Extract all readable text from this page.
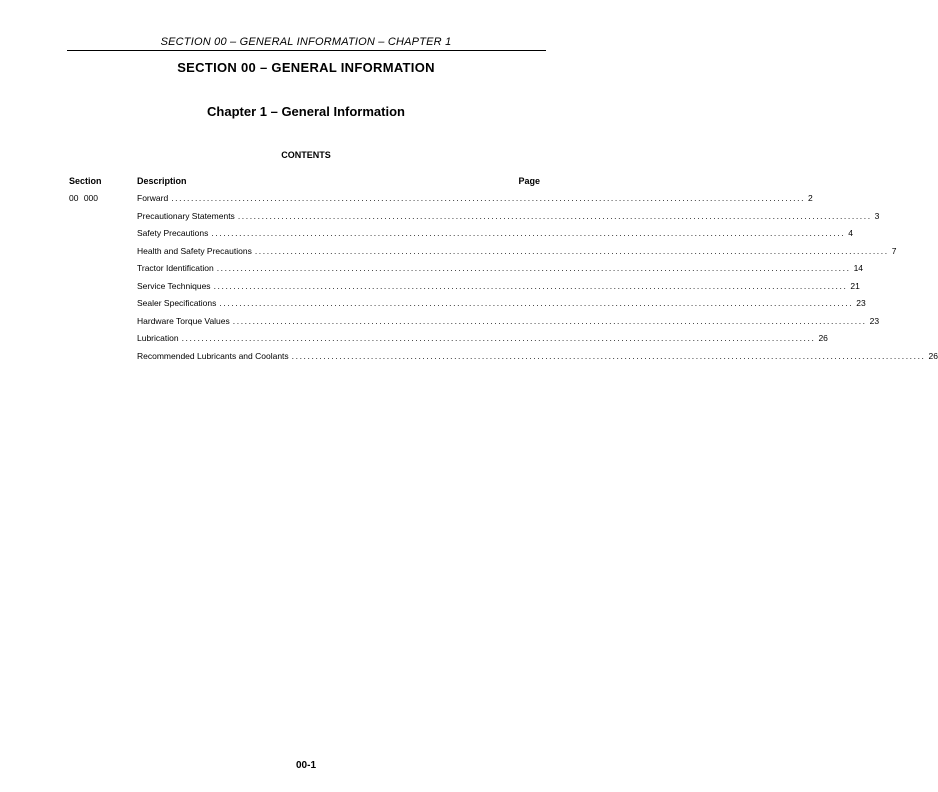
SECTION 00 – GENERAL INFORMATION – CHAPTER 1
SECTION 00 – GENERAL INFORMATION
Chapter 1 – General Information
CONTENTS
Section	Description	Page
00 000	Forward ................................................................................................................................................................ 2
Precautionary Statements ................................................................................................................................................................ 3
Safety Precautions ................................................................................................................................................................ 4
Health and Safety Precautions ................................................................................................................................................................ 7
Tractor Identification ................................................................................................................................................................ 14
Service Techniques ................................................................................................................................................................ 21
Sealer Specifications ................................................................................................................................................................ 23
Hardware Torque Values ................................................................................................................................................................ 23
Lubrication ................................................................................................................................................................ 26
Recommended Lubricants and Coolants ................................................................................................................................................................ 26
00-1
